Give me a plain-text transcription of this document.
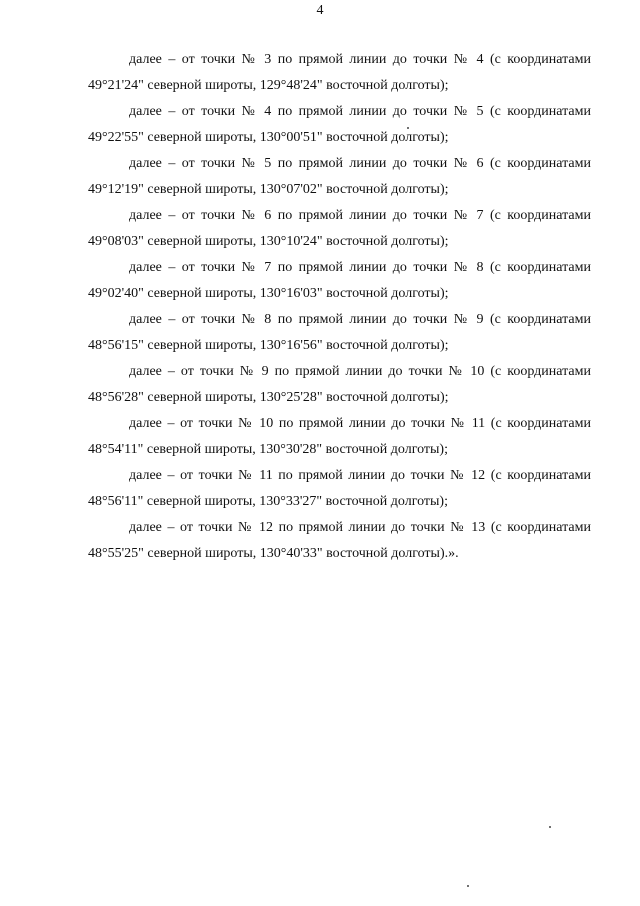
4

далее – от точки № 3 по прямой линии до точки № 4 (с координатами 49°21'24" северной широты, 129°48'24" восточной долготы);

далее – от точки № 4 по прямой линии до точки № 5 (с координатами 49°22'55" северной широты, 130°00'51" восточной долготы);

далее – от точки № 5 по прямой линии до точки № 6 (с координатами 49°12'19" северной широты, 130°07'02" восточной долготы);

далее – от точки № 6 по прямой линии до точки № 7 (с координатами 49°08'03" северной широты, 130°10'24" восточной долготы);

далее – от точки № 7 по прямой линии до точки № 8 (с координатами 49°02'40" северной широты, 130°16'03" восточной долготы);

далее – от точки № 8 по прямой линии до точки № 9 (с координатами 48°56'15" северной широты, 130°16'56" восточной долготы);

далее – от точки № 9 по прямой линии до точки № 10 (с координатами 48°56'28" северной широты, 130°25'28" восточной долготы);

далее – от точки № 10 по прямой линии до точки № 11 (с координатами 48°54'11" северной широты, 130°30'28" восточной долготы);

далее – от точки № 11 по прямой линии до точки № 12 (с координатами 48°56'11" северной широты, 130°33'27" восточной долготы);

далее – от точки № 12 по прямой линии до точки № 13 (с координатами 48°55'25" северной широты, 130°40'33" восточной долготы).».
